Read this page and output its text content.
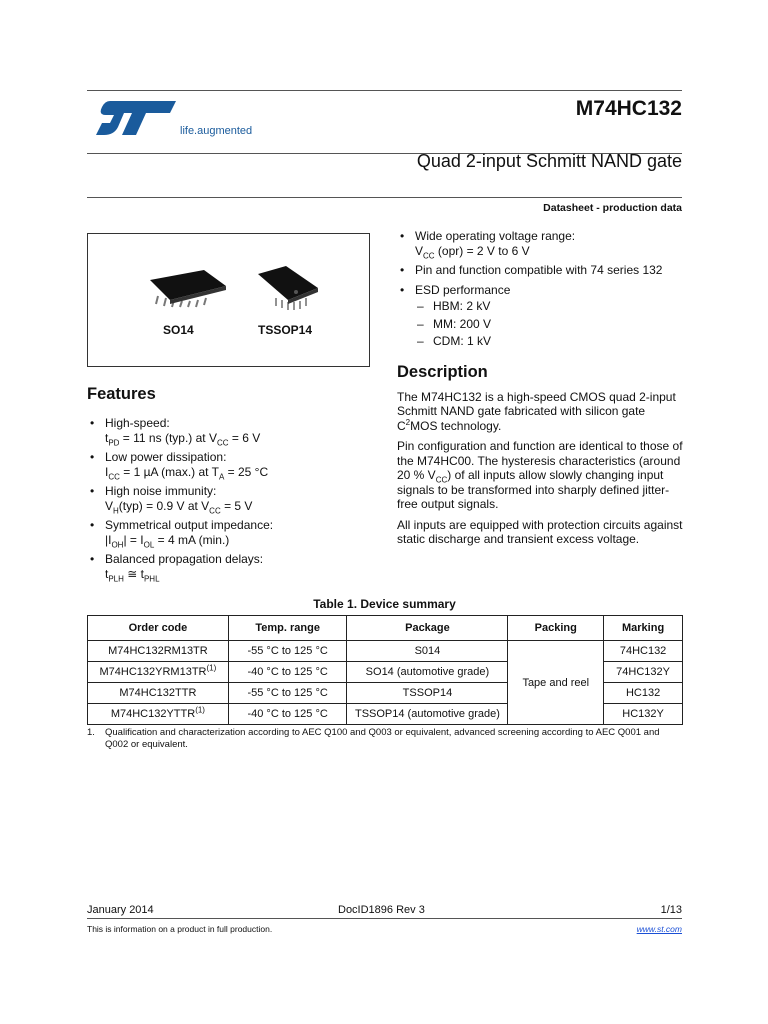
life.augmented
M74HC132
Quad 2-input Schmitt NAND gate
Datasheet - production data
SO14	TSSOP14
Features
• High-speed:
$t_{PD} = 11$ ns (typ.) at $V_{CC} = 6$ V
• Low power dissipation:
$I_{CC} = 1$ µA (max.) at $T_A = 25$ °C
• High noise immunity:
$V_H(typ) = 0.9$ V at $V_{CC} = 5$ V
• Symmetrical output impedance:
$|I_{OH}| = I_{OL} = 4$ mA (min.)
• Balanced propagation delays:
$t_{PLH}$ ≅ $t_{PHL}$
• Wide operating voltage range:
$V_{CC}$ (opr) = 2 V to 6 V
• Pin and function compatible with 74 series 132
• ESD performance
– HBM: 2 kV
– MM: 200 V
– CDM: 1 kV
Description

The M74HC132 is a high-speed CMOS quad 2-input Schmitt NAND gate fabricated with silicon gate $C^2MOS$ technology.

Pin configuration and function are identical to those of the M74HC00. The hysteresis characteristics (around 20 % $V_{CC}$) of all inputs allow slowly changing input signals to be transformed into sharply defined jitter-free output signals.

All inputs are equipped with protection circuits against static discharge and transient excess voltage.

Table 1. Device summary
Order code	Temp. range	Package	Packing	Marking
M74HC132RM13TR	-55 °C to 125 °C	S014	Tape and reel	74HC132
M74HC132YRM13TR$^{(1)}$	-40 °C to 125 °C	SO14 (automotive grade)		74HC132Y
M74HC132TTR	-55 °C to 125 °C	TSSOP14		HC132
M74HC132YTTR$^{(1)}$	-40 °C to 125 °C	TSSOP14 (automotive grade)		HC132Y
1.	Qualification and characterization according to AEC Q100 and Q003 or equivalent, advanced screening according to AEC Q001 and Q002 or equivalent.
January 2014	DocID1896 Rev 3	1/13
This is information on a product in full production.	www.st.com
